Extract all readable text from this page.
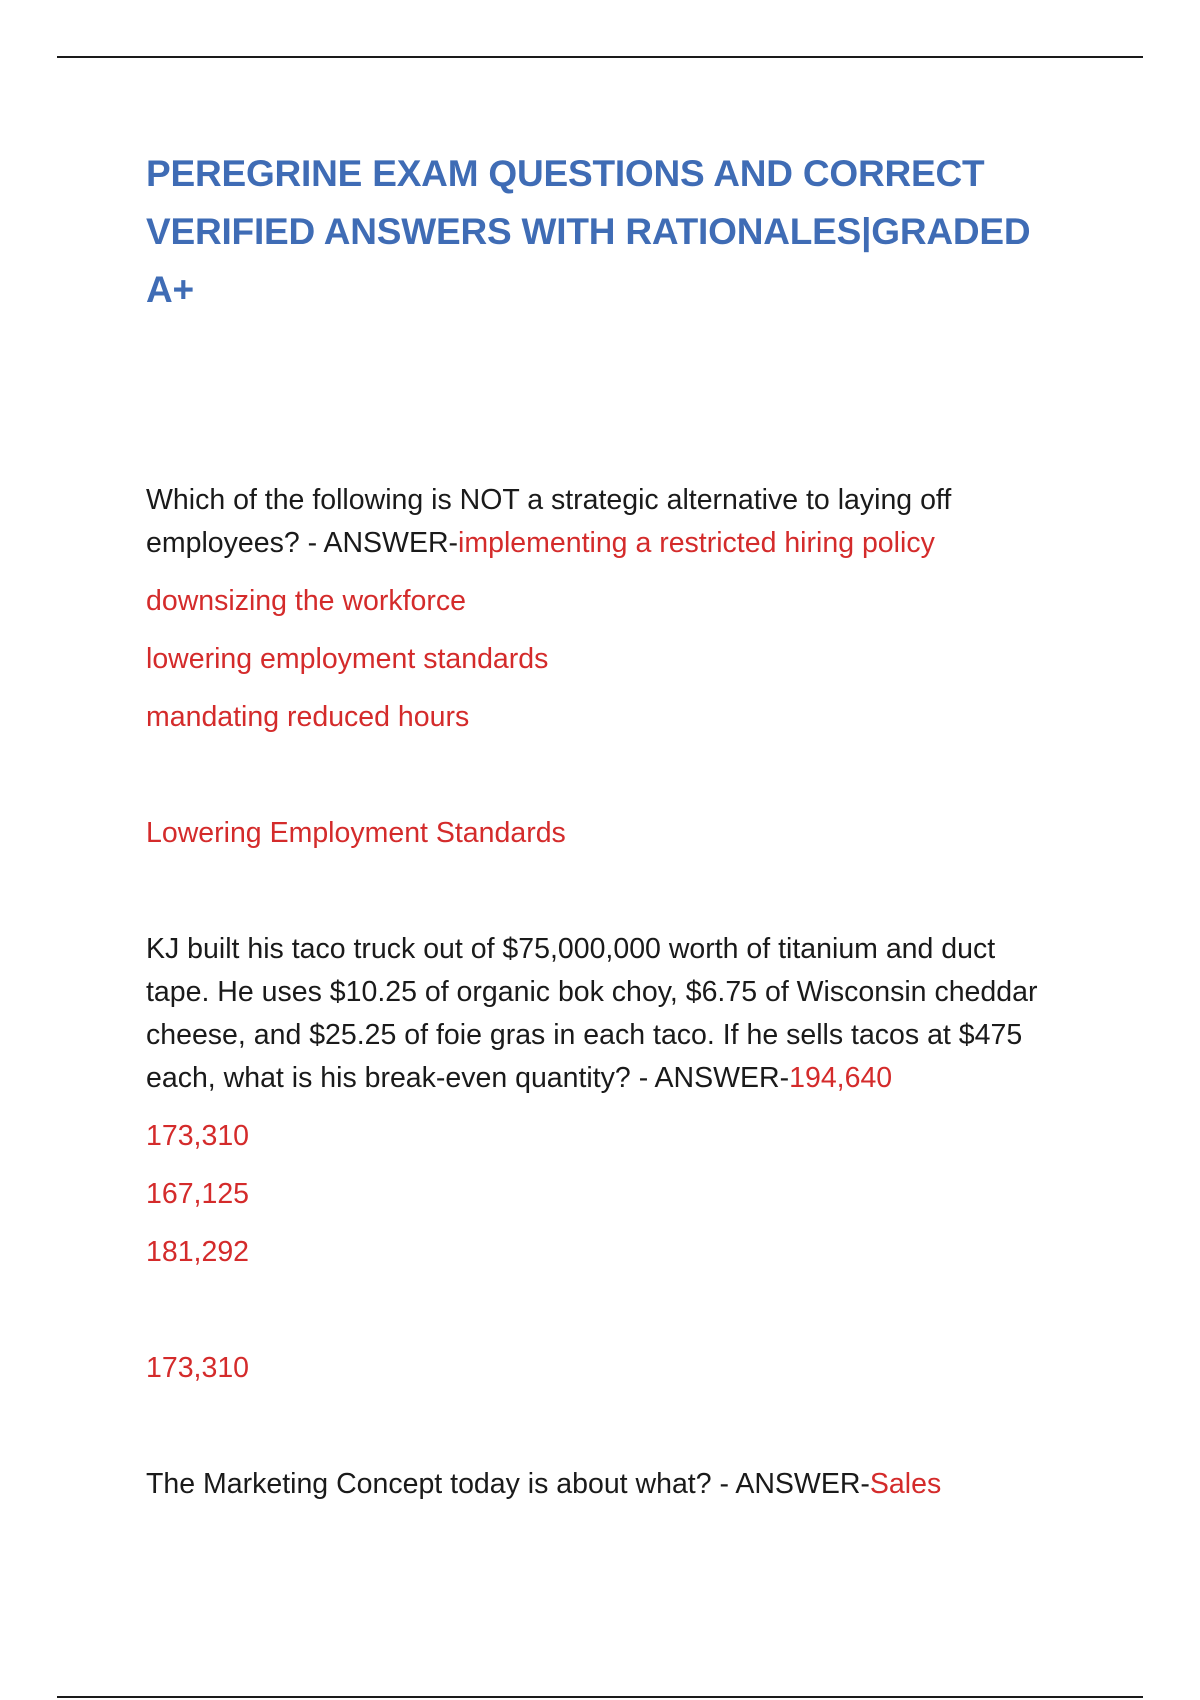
PEREGRINE EXAM QUESTIONS AND CORRECT VERIFIED ANSWERS WITH RATIONALES|GRADED A+
Which of the following is NOT a strategic alternative to laying off employees? - ANSWER-implementing a restricted hiring policy
downsizing the workforce
lowering employment standards
mandating reduced hours
Lowering Employment Standards
KJ built his taco truck out of $75,000,000 worth of titanium and duct tape. He uses $10.25 of organic bok choy, $6.75 of Wisconsin cheddar cheese, and $25.25 of foie gras in each taco. If he sells tacos at $475 each, what is his break-even quantity? - ANSWER-194,640
173,310
167,125
181,292
173,310
The Marketing Concept today is about what? - ANSWER-Sales
